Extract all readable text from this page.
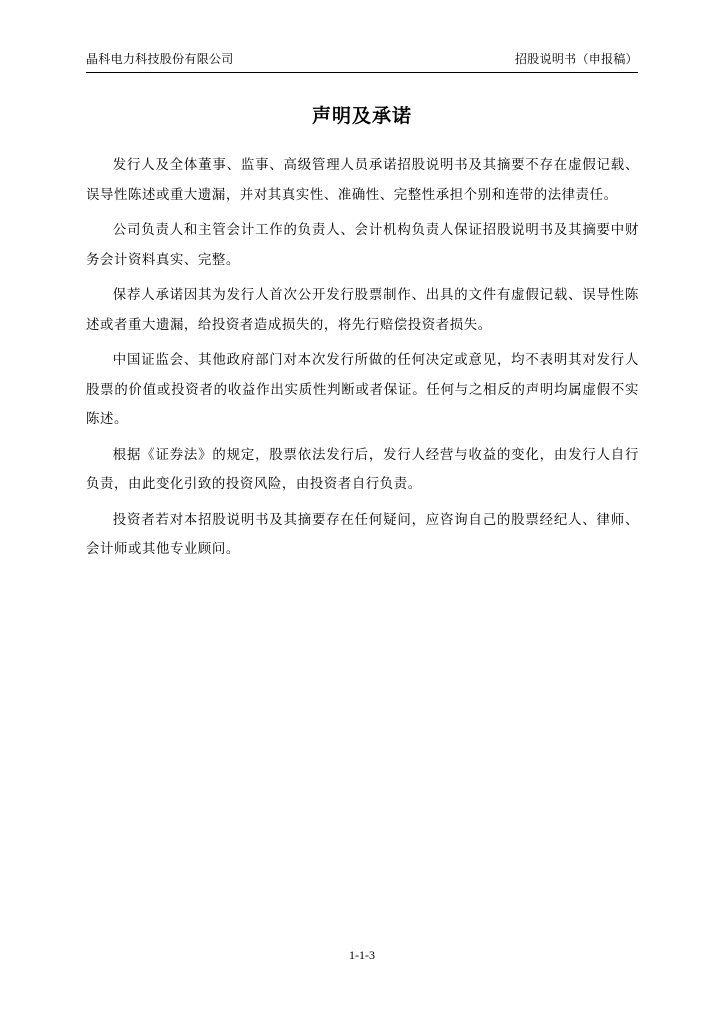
晶科电力科技股份有限公司	招股说明书（申报稿）
声明及承诺

发行人及全体董事、监事、高级管理人员承诺招股说明书及其摘要不存在虚假记载、误导性陈述或重大遗漏，并对其真实性、准确性、完整性承担个别和连带的法律责任。

公司负责人和主管会计工作的负责人、会计机构负责人保证招股说明书及其摘要中财务会计资料真实、完整。

保荐人承诺因其为发行人首次公开发行股票制作、出具的文件有虚假记载、误导性陈述或者重大遗漏，给投资者造成损失的，将先行赔偿投资者损失。

中国证监会、其他政府部门对本次发行所做的任何决定或意见，均不表明其对发行人股票的价值或投资者的收益作出实质性判断或者保证。任何与之相反的声明均属虚假不实陈述。

根据《证券法》的规定，股票依法发行后，发行人经营与收益的变化，由发行人自行负责，由此变化引致的投资风险，由投资者自行负责。

投资者若对本招股说明书及其摘要存在任何疑问，应咨询自己的股票经纪人、律师、会计师或其他专业顾问。

1-1-3
